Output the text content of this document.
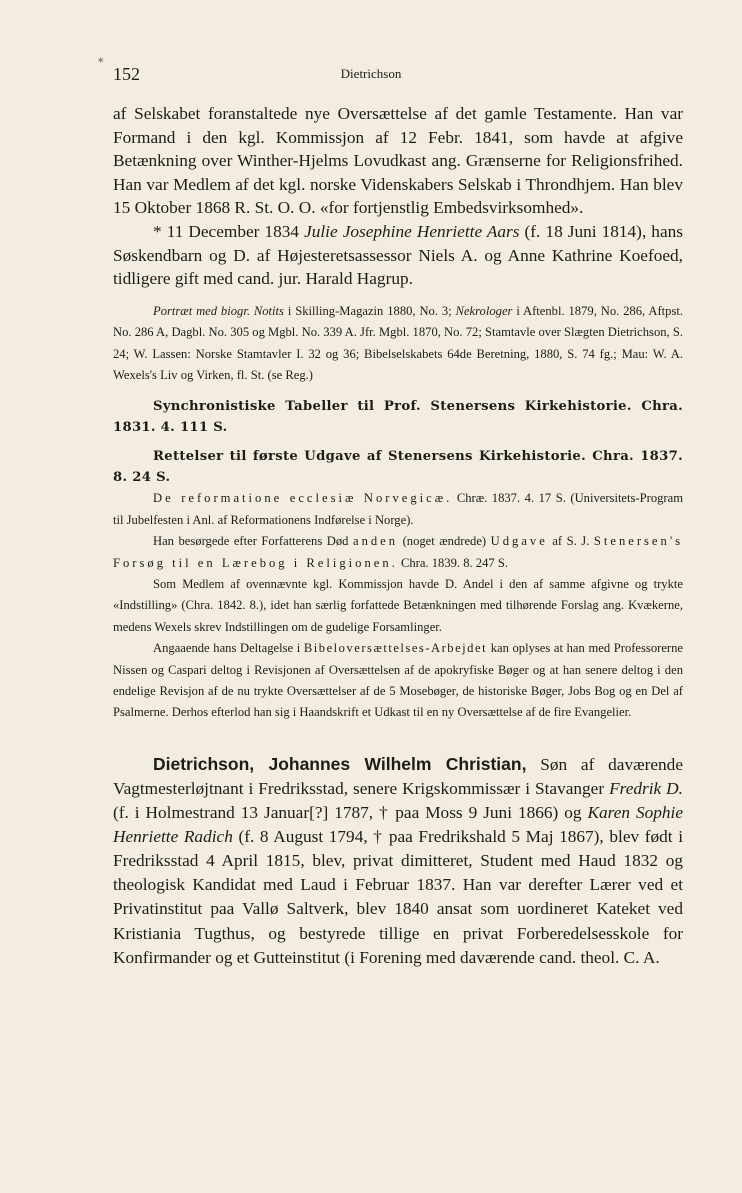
*
152	Dietrichson

af Selskabet foranstaltede nye Oversættelse af det gamle Testamente. Han var Formand i den kgl. Kommissjon af 12 Febr. 1841, som havde at afgive Betænkning over Winther-Hjelms Lovudkast ang. Grænserne for Religionsfrihed. Han var Medlem af det kgl. norske Videnskabers Selskab i Throndhjem. Han blev 15 Oktober 1868 R. St. O. O. «for fortjenstlig Embedsvirksomhed».

* 11 December 1834 Julie Josephine Henriette Aars (f. 18 Juni 1814), hans Søskendbarn og D. af Højesteretsassessor Niels A. og Anne Kathrine Koefoed, tidligere gift med cand. jur. Harald Hagrup.

Portræt med biogr. Notits i Skilling-Magazin 1880, No. 3; Nekrologer i Aftenbl. 1879, No. 286, Aftpst. No. 286 A, Dagbl. No. 305 og Mgbl. No. 339 A. Jfr. Mgbl. 1870, No. 72; Stamtavle over Slægten Dietrichson, S. 24; W. Lassen: Norske Stamtavler I. 32 og 36; Bibelselskabets 64de Beretning, 1880, S. 74 fg.; Mau: W. A. Wexels's Liv og Virken, fl. St. (se Reg.)

Synchronistiske Tabeller til Prof. Stenersens Kirkehistorie. Chra. 1831. 4. 111 S.

Rettelser til første Udgave af Stenersens Kirkehistorie. Chra. 1837. 8. 24 S.

De reformatione ecclesiæ Norvegicæ. Chræ. 1837. 4. 17 S. (Universitets-Program til Jubelfesten i Anl. af Reformationens Indførelse i Norge).

Han besørgede efter Forfatterens Død anden (noget ændrede) Udgave af S. J. Stenersen's Forsøg til en Lærebog i Religionen. Chra. 1839. 8. 247 S.

Som Medlem af ovennævnte kgl. Kommissjon havde D. Andel i den af samme afgivne og trykte «Indstilling» (Chra. 1842. 8.), idet han særlig forfattede Betænkningen med tilhørende Forslag ang. Kvækerne, medens Wexels skrev Indstillingen om de gudelige Forsamlinger.

Angaaende hans Deltagelse i Bibeloversættelses-Arbejdet kan oplyses at han med Professorerne Nissen og Caspari deltog i Revisjonen af Oversættelsen af de apokryfiske Bøger og at han senere deltog i den endelige Revisjon af de nu trykte Oversættelser af de 5 Mosebøger, de historiske Bøger, Jobs Bog og en Del af Psalmerne. Derhos efterlod han sig i Haandskrift et Udkast til en ny Oversættelse af de fire Evangelier.

Dietrichson, Johannes Wilhelm Christian, Søn af daværende Vagtmesterløjtnant i Fredriksstad, senere Krigskommissær i Stavanger Fredrik D. (f. i Holmestrand 13 Januar[?] 1787, † paa Moss 9 Juni 1866) og Karen Sophie Henriette Radich (f. 8 August 1794, † paa Fredrikshald 5 Maj 1867), blev født i Fredriksstad 4 April 1815, blev, privat dimitteret, Student med Haud 1832 og theologisk Kandidat med Laud i Februar 1837. Han var derefter Lærer ved et Privatinstitut paa Vallø Saltverk, blev 1840 ansat som uordineret Kateket ved Kristiania Tugthus, og bestyrede tillige en privat Forberedelsesskole for Konfirmander og et Gutteinstitut (i Forening med daværende cand. theol. C. A.
